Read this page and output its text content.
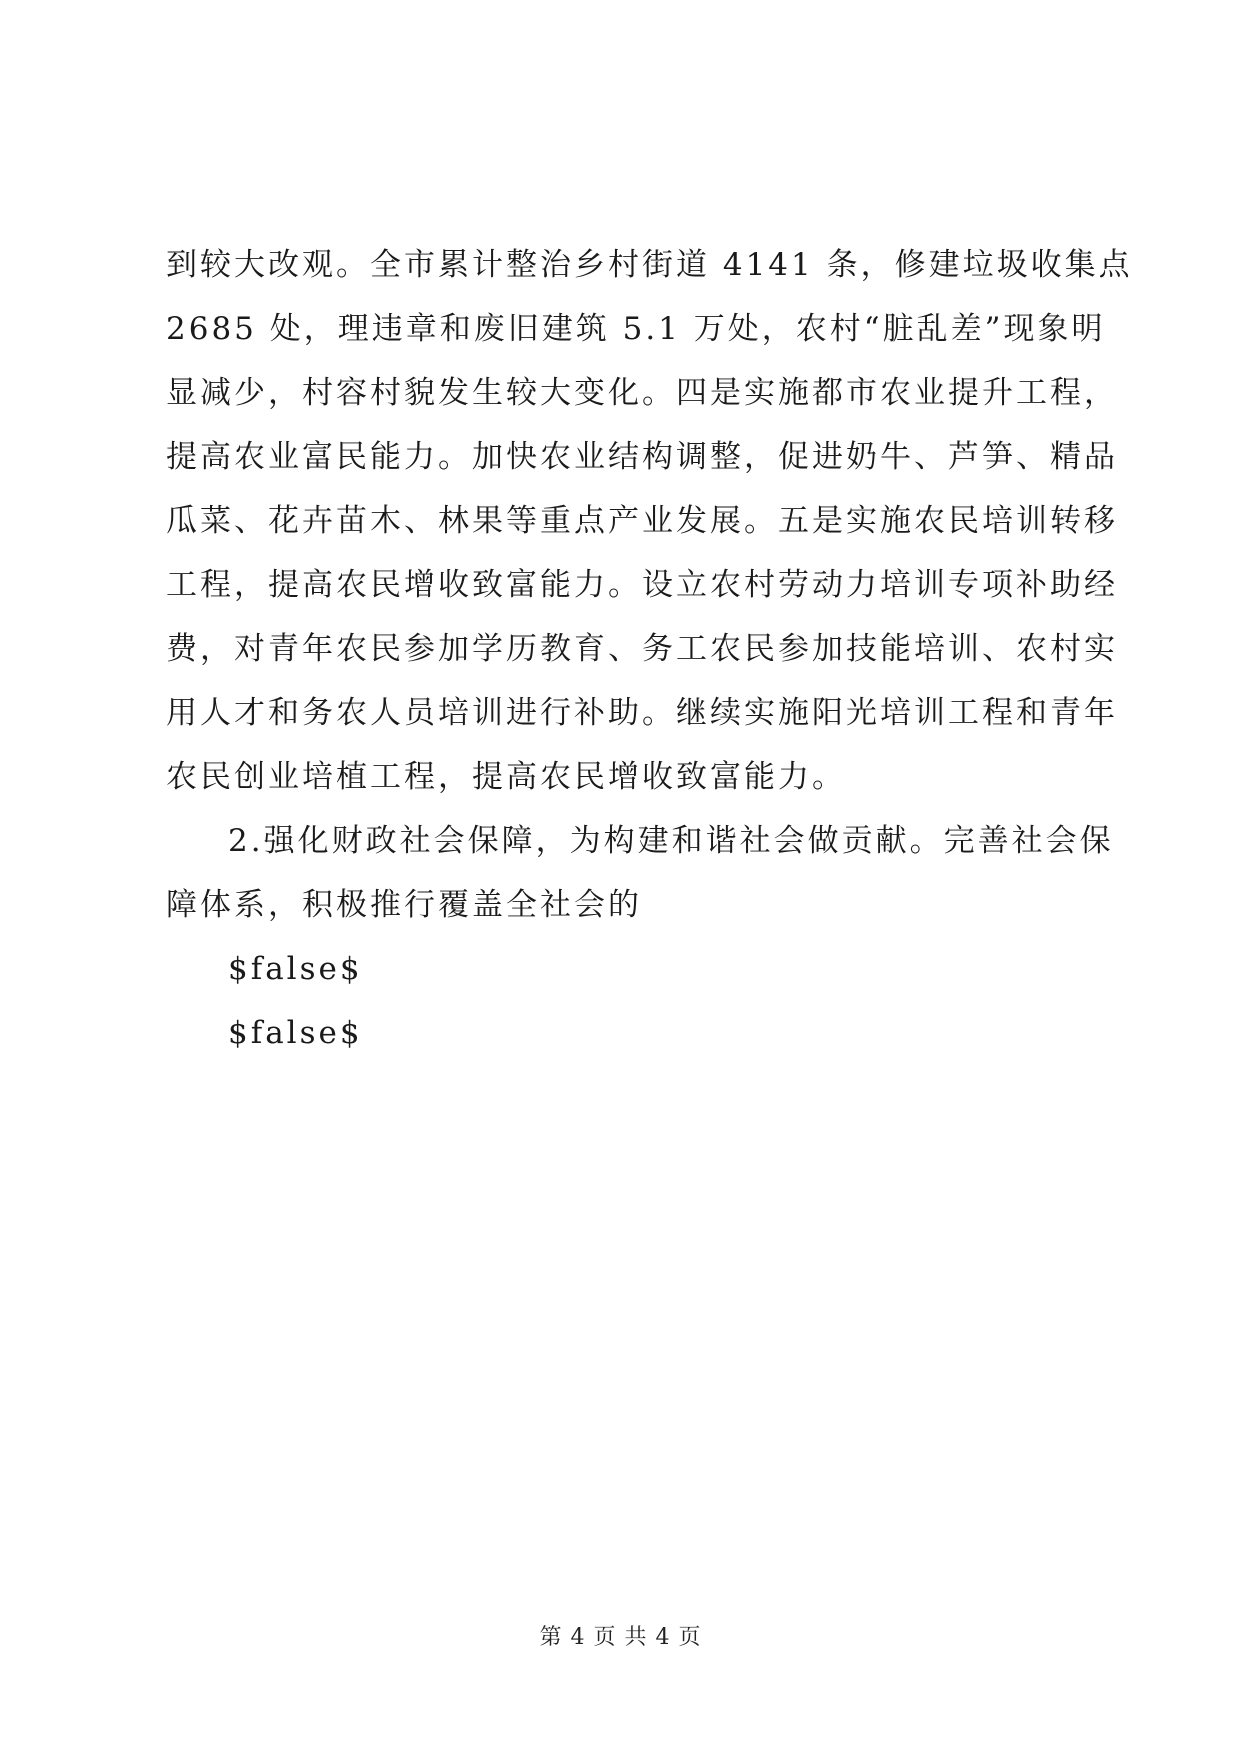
到较大改观。全市累计整治乡村街道 4141 条，修建垃圾收集点
2685 处，理违章和废旧建筑 5.1 万处，农村“脏乱差”现象明
显减少，村容村貌发生较大变化。四是实施都市农业提升工程，
提高农业富民能力。加快农业结构调整，促进奶牛、芦笋、精品
瓜菜、花卉苗木、林果等重点产业发展。五是实施农民培训转移
工程，提高农民增收致富能力。设立农村劳动力培训专项补助经
费，对青年农民参加学历教育、务工农民参加技能培训、农村实
用人才和务农人员培训进行补助。继续实施阳光培训工程和青年
农民创业培植工程，提高农民增收致富能力。
2.强化财政社会保障，为构建和谐社会做贡献。完善社会保
障体系，积极推行覆盖全社会的
$false$
$false$
第 4 页 共 4 页
